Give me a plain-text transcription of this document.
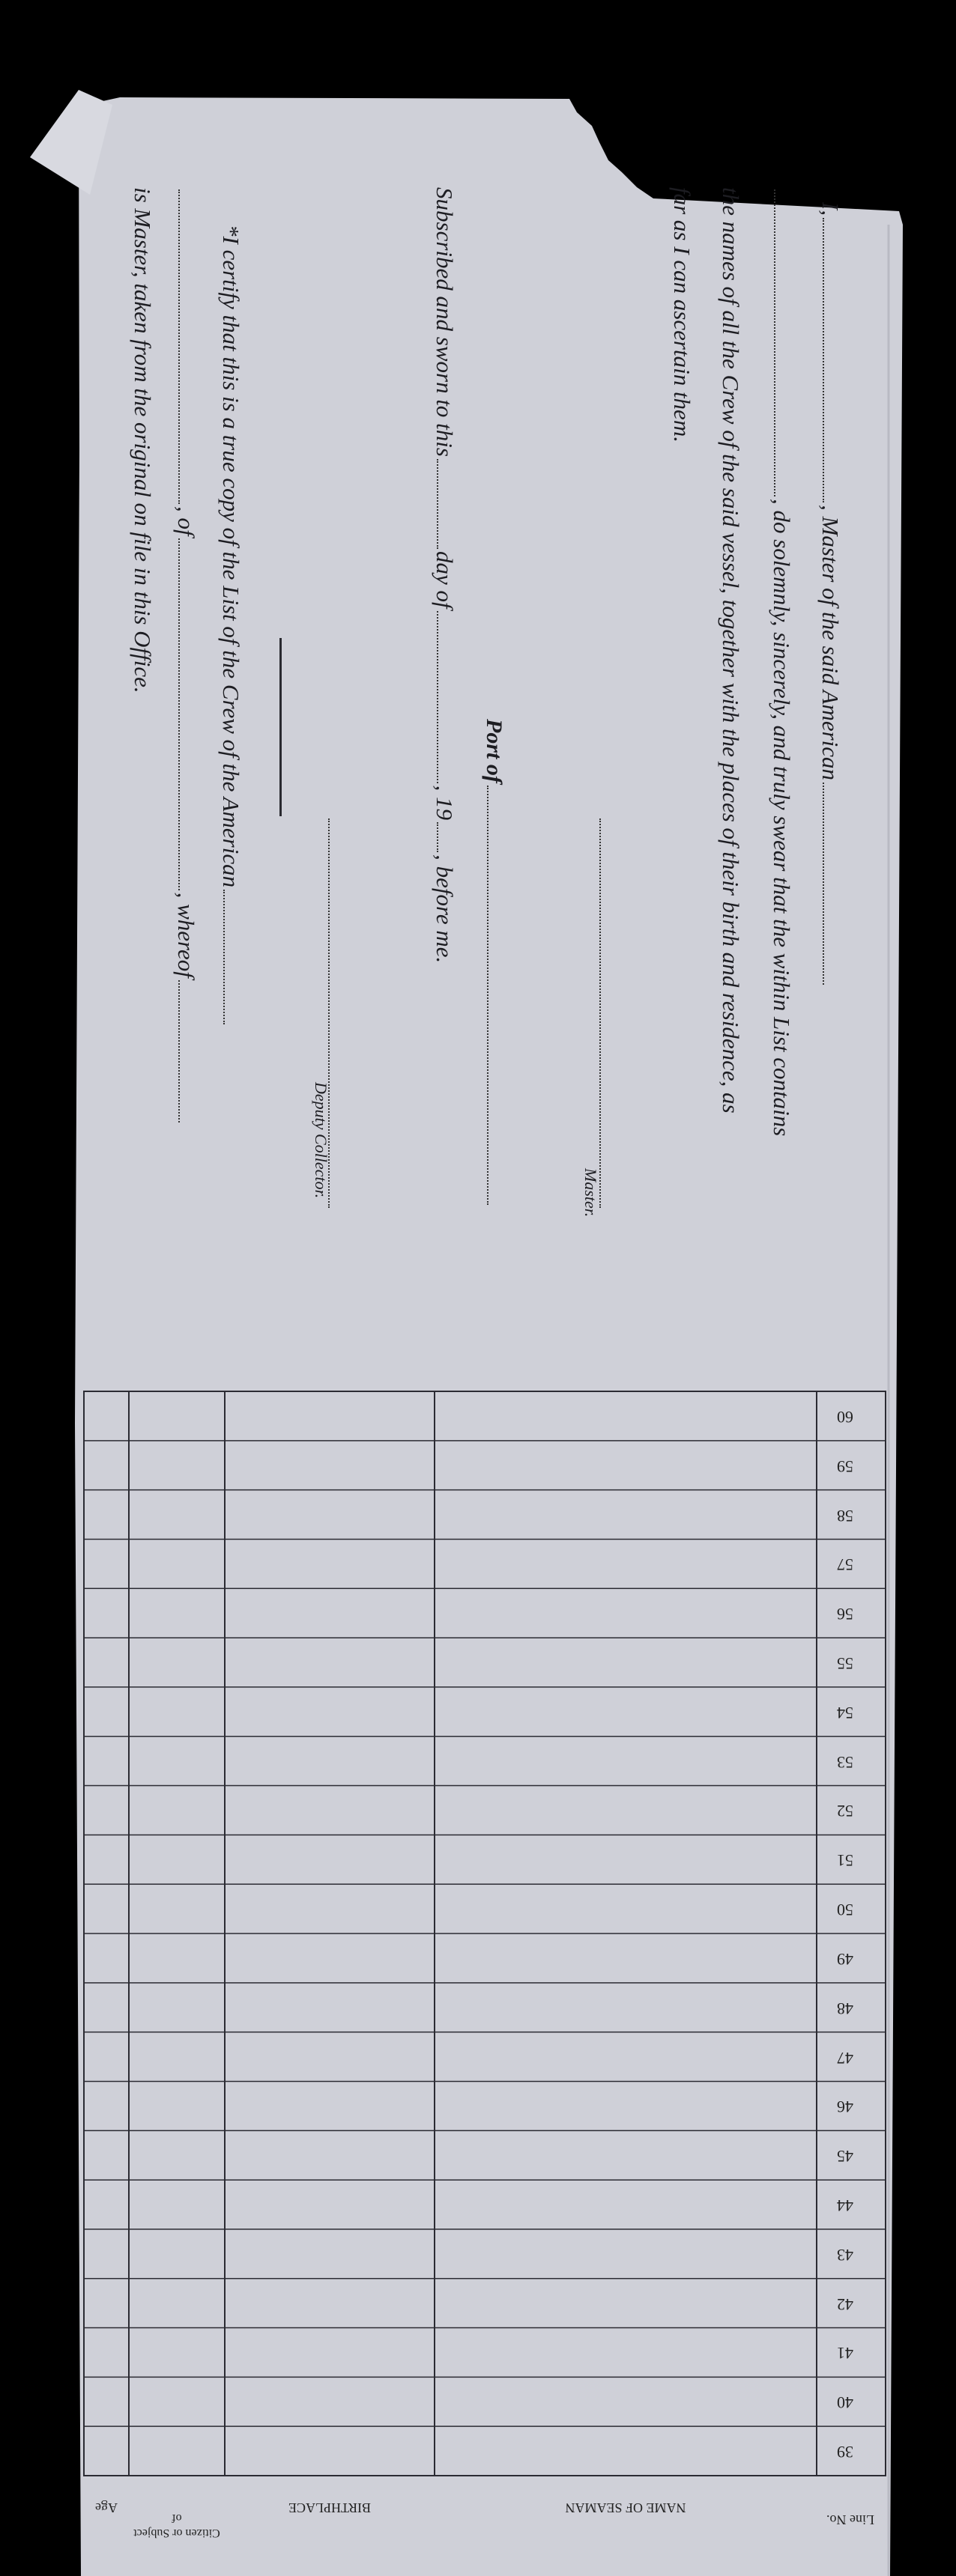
I,, Master of the said American
, do solemnly, sincerely, and truly swear that the within List contains
the names of all the Crew of the said vessel, together with the places of their birth and residence, as
far as I can ascertain them.
Master.
Port of
Subscribed and sworn to thisday of, 19, before me.
Deputy Collector.
*I certify that this is a true copy of the List of the Crew of the American
, of, whereof
is Master, taken from the original on file in this Office.
Line No.
NAME OF SEAMAN
BIRTHPLACE
Citizen or Subject of
Age
39
40
41
42
43
44
45
46
47
48
49
50
51
52
53
54
55
56
57
58
59
60
